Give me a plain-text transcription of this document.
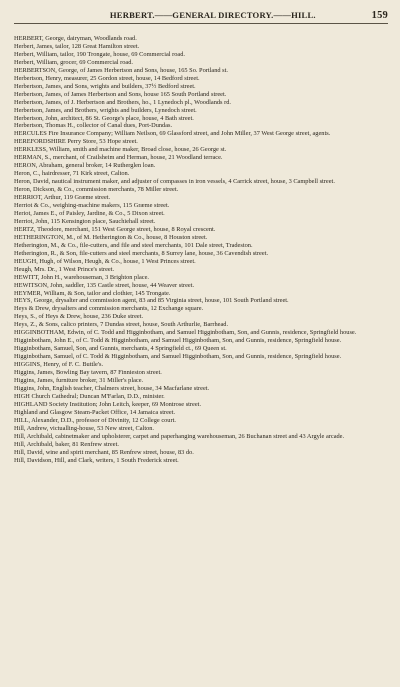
HERBERT.——GENERAL DIRECTORY.——HILL.	159
HERBERT, George, dairyman, Woodlands road.
Herbert, James, tailor, 128 Great Hamilton street.
Herbert, William, tailor, 190 Trongate, house, 69 Commercial road.
Herbert, William, grocer, 69 Commercial road.
HERBERTSON, George, of James Herbertson and Sons, house, 165 So. Portland st.
Herbertson, Henry, measurer, 25 Gordon street, house, 14 Bedford street.
Herbertson, James, and Sons, wrights and builders, 37½ Bedford street.
Herbertson, James, of James Herbertson and Sons, house 165 South Portland street.
Herbertson, James, of J. Herbertson and Brothers, ho., 1 Lynedoch pl., Woodlands rd.
Herbertson, James, and Brothers, wrights and builders, Lynedoch street.
Herbertson, John, architect, 86 St. George's place, house, 4 Bath street.
Herbertson, Thomas H., collector of Canal dues, Port-Dundas.
HERCULES Fire Insurance Company; William Neilson, 69 Glassford street, and John Miller, 37 West George street, agents.
HEREFORDSHIRE Perry Store, 53 Hope street.
HERKLESS, William, smith and machine maker, Broad close, house, 26 George st.
HERMAN, S., merchant, of Crailsheim and Herman, house, 21 Woodland terrace.
HERON, Abraham, general broker, 14 Rutherglen loan.
Heron, C., hairdresser, 71 Kirk street, Calton.
Heron, David, nautical instrument maker, and adjuster of compasses in iron vessels, 4 Carrick street, house, 3 Campbell street.
Heron, Dickson, & Co., commission merchants, 78 Miller street.
HERRIOT, Arthur, 119 Græme street.
Herriot & Co., weighing-machine makers, 115 Græme street.
Heriot, James E., of Paisley, Jardine, & Co., 5 Dixon street.
Herriot, John, 115 Kensington place, Sauchiehall street.
HERTZ, Theodore, merchant, 151 West George street, house, 8 Royal crescent.
HETHERINGTON, M., of M. Hetherington & Co., house, 8 Houston street.
Hetherington, M., & Co., file-cutters, and file and steel merchants, 101 Dale street, Tradeston.
Hetherington, R., & Son, file-cutters and steel merchants, 8 Surrey lane, house, 36 Cavendish street.
HEUGH, Hugh, of Wilson, Heugh, & Co., house, 1 West Princes street.
Heugh, Mrs. Dr., 1 West Prince's street.
HEWITT, John H., warehouseman, 3 Brighton place.
HEWITSON, John, saddler, 135 Castle street, house, 44 Weaver street.
HEYMER, William, & Son, tailor and clothier, 145 Trongate.
HEYS, George, drysalter and commission agent, 83 and 85 Virginia street, house, 101 South Portland street.
Heys & Drew, drysalters and commission merchants, 12 Exchange square.
Heys, S., of Heys & Drew, house, 236 Duke street.
Heys, Z., & Sons, calico printers, 7 Dundas street, house, South Arthurlie, Barrhead.
HIGGINBOTHAM, Edwin, of C. Todd and Higginbotham, and Samuel Higginbotham, Son, and Gunnis, residence, Springfield house.
Higginbotham, John E., of C. Todd & Higginbotham, and Samuel Higginbotham, Son, and Gunnis, residence, Springfield house.
Higginbotham, Samuel, Son, and Gunnis, merchants, 4 Springfield ct., 69 Queen st.
Higginbotham, Samuel, of C. Todd & Higginbotham, and Samuel Higginbotham, Son, and Gunnis, residence, Springfield house.
HIGGINS, Henry, of F. C. Buttle's.
Higgins, James, Bowling Bay tavern, 87 Finnieston street.
Higgins, James, furniture broker, 31 Miller's place.
Higgins, John, English teacher, Chalmers street, house, 34 Macfarlane street.
HIGH Church Cathedral; Duncan M'Farlan, D.D., minister.
HIGHLAND Society Institution; John Leitch, keeper, 69 Montrose street.
Highland and Glasgow Steam-Packet Office, 14 Jamaica street.
HILL, Alexander, D.D., professor of Divinity, 12 College court.
Hill, Andrew, victualling-house, 53 New street, Calton.
Hill, Archibald, cabinetmaker and upholsterer, carpet and paperhanging warehouseman, 26 Buchanan street and 43 Argyle arcade.
Hill, Archibald, baker, 81 Renfrew street.
Hill, David, wine and spirit merchant, 85 Renfrew street, house, 83 do.
Hill, Davidson, Hill, and Clark, writers, 1 South Frederick street.
